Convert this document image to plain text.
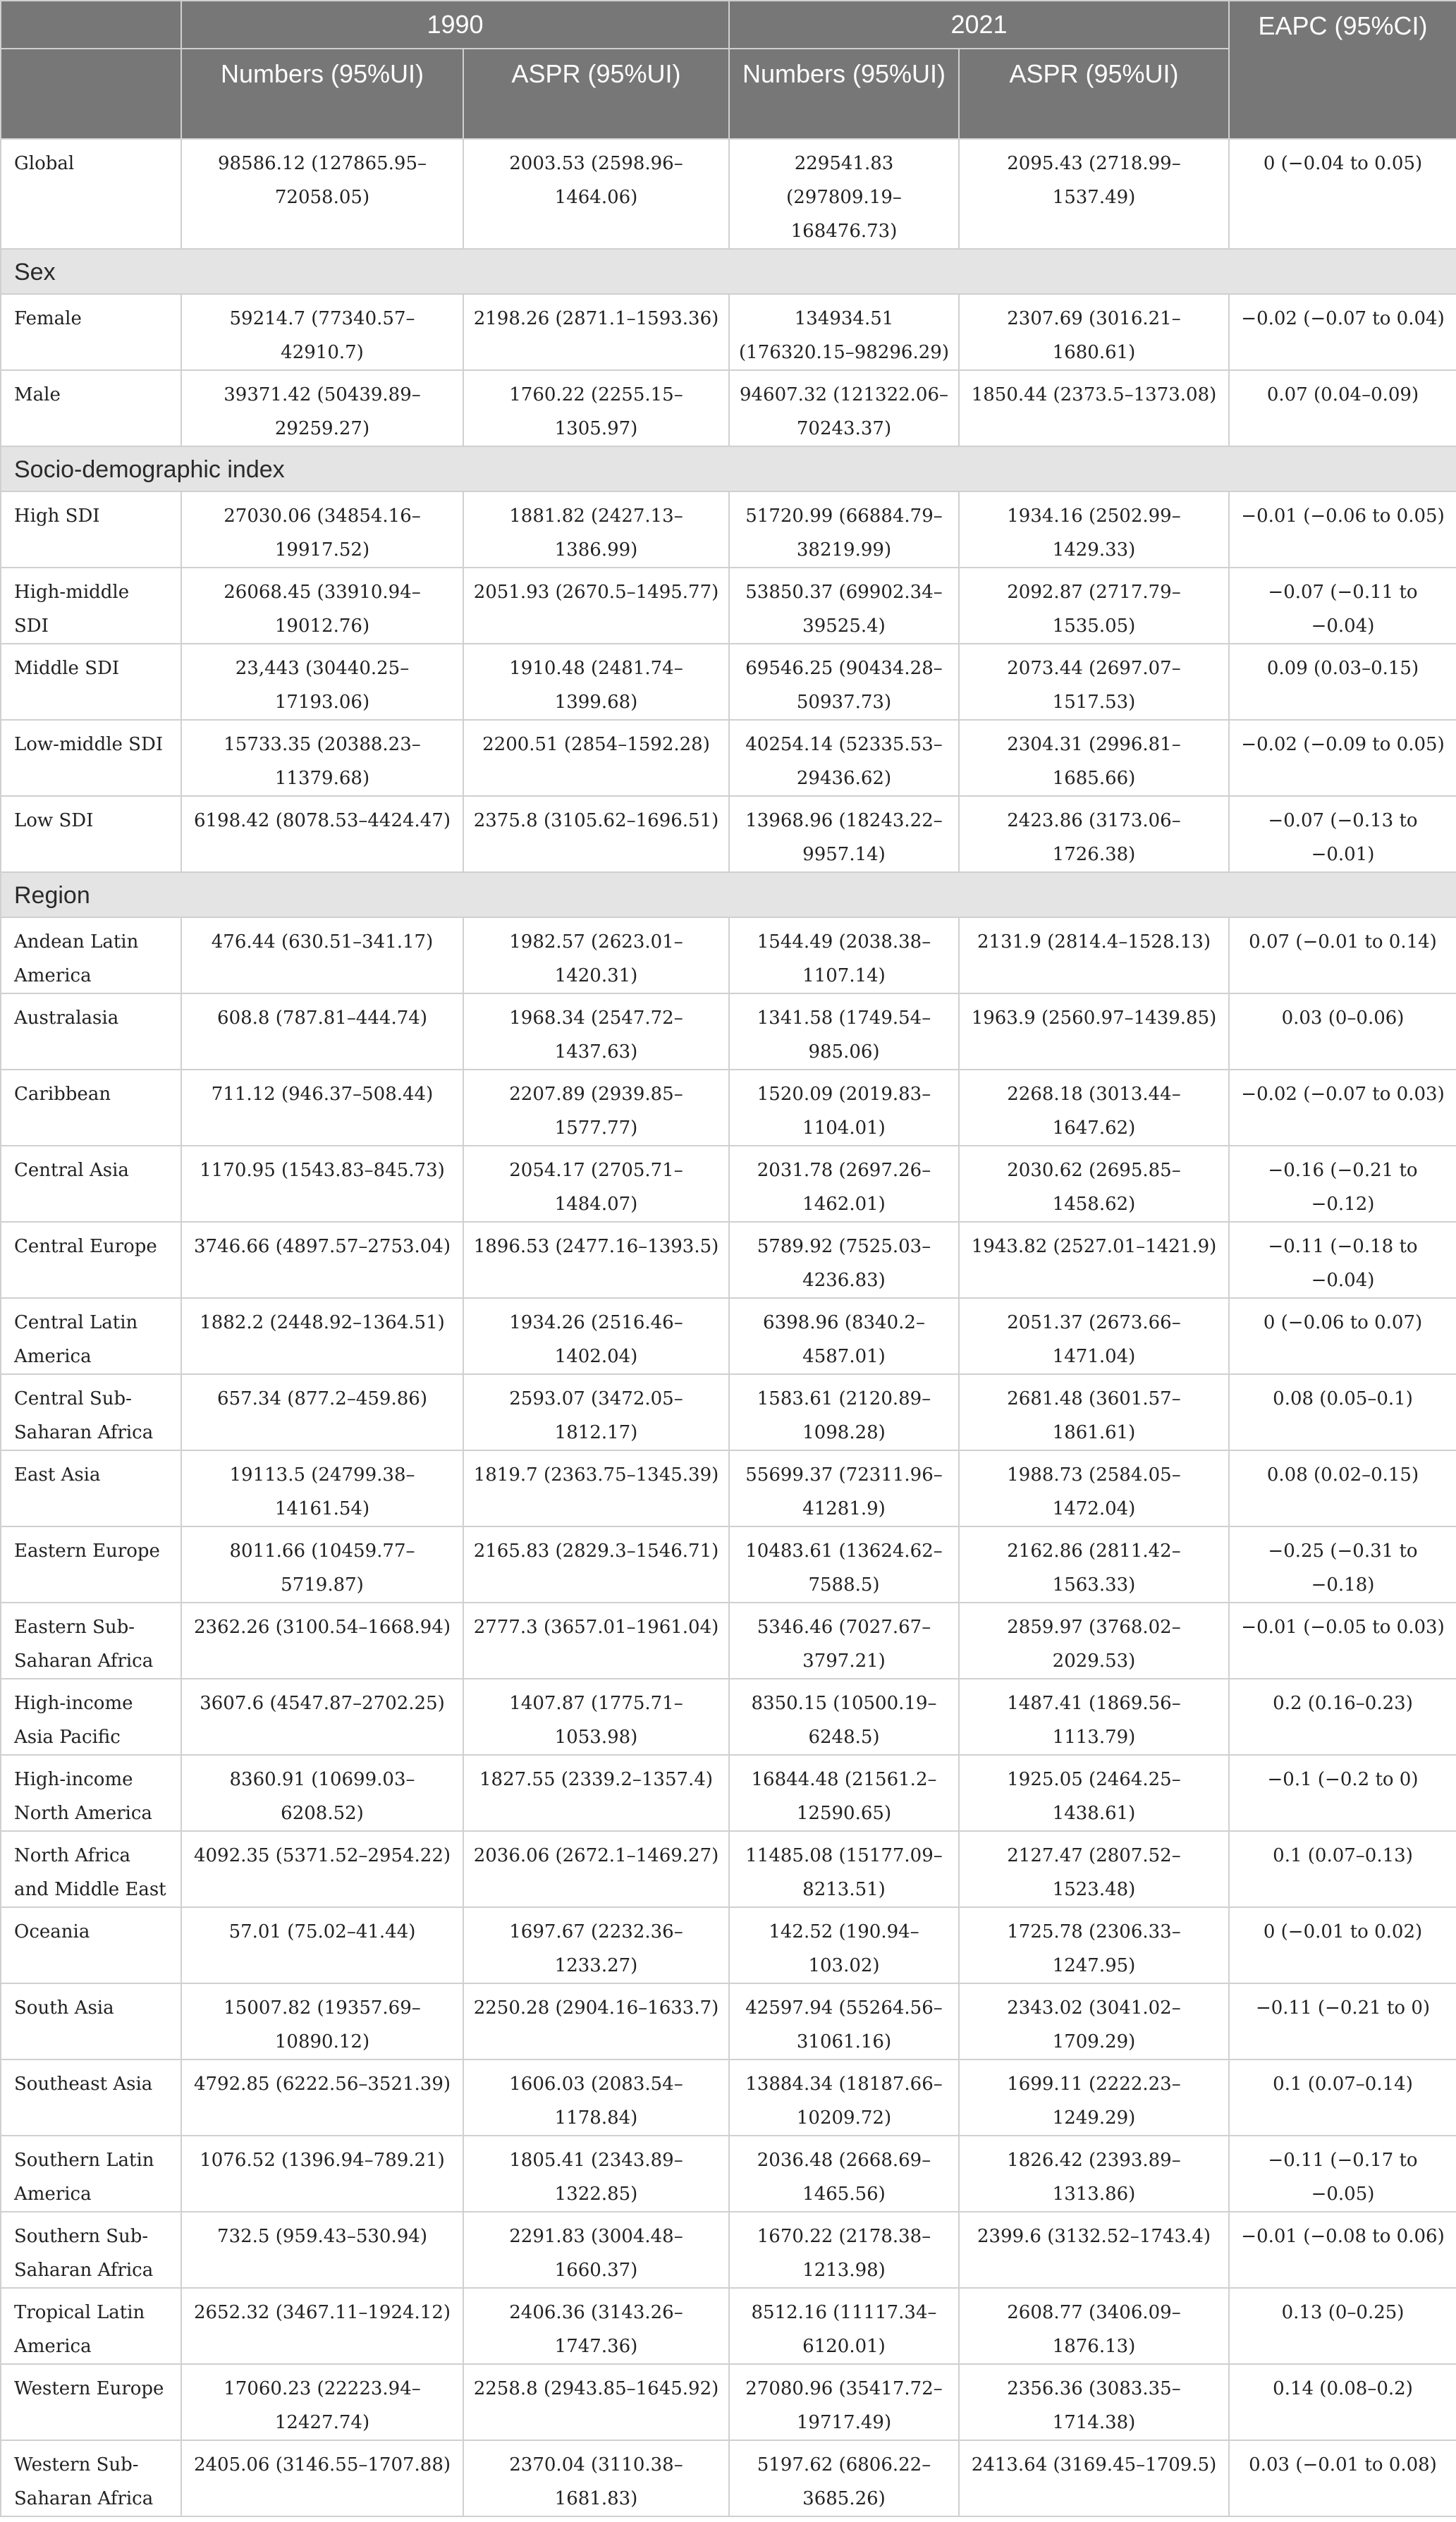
	1990		2021		EAPC (95%CI)
	Numbers (95%UI)	ASPR (95%UI)	Numbers (95%UI)	ASPR (95%UI)	
Global	98586.12 (127865.95–72058.05)	2003.53 (2598.96–1464.06)	229541.83 (297809.19–168476.73)	2095.43 (2718.99–1537.49)	0 (−0.04 to 0.05)
Sex					
Female	59214.7 (77340.57–42910.7)	2198.26 (2871.1–1593.36)	134934.51 (176320.15–98296.29)	2307.69 (3016.21–1680.61)	−0.02 (−0.07 to 0.04)
Male	39371.42 (50439.89–29259.27)	1760.22 (2255.15–1305.97)	94607.32 (121322.06–70243.37)	1850.44 (2373.5–1373.08)	0.07 (0.04–0.09)
Socio-demographic index					
High SDI	27030.06 (34854.16–19917.52)	1881.82 (2427.13–1386.99)	51720.99 (66884.79–38219.99)	1934.16 (2502.99–1429.33)	−0.01 (−0.06 to 0.05)
High-middle SDI	26068.45 (33910.94–19012.76)	2051.93 (2670.5–1495.77)	53850.37 (69902.34–39525.4)	2092.87 (2717.79–1535.05)	−0.07 (−0.11 to −0.04)
Middle SDI	23,443 (30440.25–17193.06)	1910.48 (2481.74–1399.68)	69546.25 (90434.28–50937.73)	2073.44 (2697.07–1517.53)	0.09 (0.03–0.15)
Low-middle SDI	15733.35 (20388.23–11379.68)	2200.51 (2854–1592.28)	40254.14 (52335.53–29436.62)	2304.31 (2996.81–1685.66)	−0.02 (−0.09 to 0.05)
Low SDI	6198.42 (8078.53–4424.47)	2375.8 (3105.62–1696.51)	13968.96 (18243.22–9957.14)	2423.86 (3173.06–1726.38)	−0.07 (−0.13 to −0.01)
Region					
Andean Latin America	476.44 (630.51–341.17)	1982.57 (2623.01–1420.31)	1544.49 (2038.38–1107.14)	2131.9 (2814.4–1528.13)	0.07 (−0.01 to 0.14)
Australasia	608.8 (787.81–444.74)	1968.34 (2547.72–1437.63)	1341.58 (1749.54–985.06)	1963.9 (2560.97–1439.85)	0.03 (0–0.06)
Caribbean	711.12 (946.37–508.44)	2207.89 (2939.85–1577.77)	1520.09 (2019.83–1104.01)	2268.18 (3013.44–1647.62)	−0.02 (−0.07 to 0.03)
Central Asia	1170.95 (1543.83–845.73)	2054.17 (2705.71–1484.07)	2031.78 (2697.26–1462.01)	2030.62 (2695.85–1458.62)	−0.16 (−0.21 to −0.12)
Central Europe	3746.66 (4897.57–2753.04)	1896.53 (2477.16–1393.5)	5789.92 (7525.03–4236.83)	1943.82 (2527.01–1421.9)	−0.11 (−0.18 to −0.04)
Central Latin America	1882.2 (2448.92–1364.51)	1934.26 (2516.46–1402.04)	6398.96 (8340.2–4587.01)	2051.37 (2673.66–1471.04)	0 (−0.06 to 0.07)
Central Sub-Saharan Africa	657.34 (877.2–459.86)	2593.07 (3472.05–1812.17)	1583.61 (2120.89–1098.28)	2681.48 (3601.57–1861.61)	0.08 (0.05–0.1)
East Asia	19113.5 (24799.38–14161.54)	1819.7 (2363.75–1345.39)	55699.37 (72311.96–41281.9)	1988.73 (2584.05–1472.04)	0.08 (0.02–0.15)
Eastern Europe	8011.66 (10459.77–5719.87)	2165.83 (2829.3–1546.71)	10483.61 (13624.62–7588.5)	2162.86 (2811.42–1563.33)	−0.25 (−0.31 to −0.18)
Eastern Sub-Saharan Africa	2362.26 (3100.54–1668.94)	2777.3 (3657.01–1961.04)	5346.46 (7027.67–3797.21)	2859.97 (3768.02–2029.53)	−0.01 (−0.05 to 0.03)
High-income Asia Pacific	3607.6 (4547.87–2702.25)	1407.87 (1775.71–1053.98)	8350.15 (10500.19–6248.5)	1487.41 (1869.56–1113.79)	0.2 (0.16–0.23)
High-income North America	8360.91 (10699.03–6208.52)	1827.55 (2339.2–1357.4)	16844.48 (21561.2–12590.65)	1925.05 (2464.25–1438.61)	−0.1 (−0.2 to 0)
North Africa and Middle East	4092.35 (5371.52–2954.22)	2036.06 (2672.1–1469.27)	11485.08 (15177.09–8213.51)	2127.47 (2807.52–1523.48)	0.1 (0.07–0.13)
Oceania	57.01 (75.02–41.44)	1697.67 (2232.36–1233.27)	142.52 (190.94–103.02)	1725.78 (2306.33–1247.95)	0 (−0.01 to 0.02)
South Asia	15007.82 (19357.69–10890.12)	2250.28 (2904.16–1633.7)	42597.94 (55264.56–31061.16)	2343.02 (3041.02–1709.29)	−0.11 (−0.21 to 0)
Southeast Asia	4792.85 (6222.56–3521.39)	1606.03 (2083.54–1178.84)	13884.34 (18187.66–10209.72)	1699.11 (2222.23–1249.29)	0.1 (0.07–0.14)
Southern Latin America	1076.52 (1396.94–789.21)	1805.41 (2343.89–1322.85)	2036.48 (2668.69–1465.56)	1826.42 (2393.89–1313.86)	−0.11 (−0.17 to −0.05)
Southern Sub-Saharan Africa	732.5 (959.43–530.94)	2291.83 (3004.48–1660.37)	1670.22 (2178.38–1213.98)	2399.6 (3132.52–1743.4)	−0.01 (−0.08 to 0.06)
Tropical Latin America	2652.32 (3467.11–1924.12)	2406.36 (3143.26–1747.36)	8512.16 (11117.34–6120.01)	2608.77 (3406.09–1876.13)	0.13 (0–0.25)
Western Europe	17060.23 (22223.94–12427.74)	2258.8 (2943.85–1645.92)	27080.96 (35417.72–19717.49)	2356.36 (3083.35–1714.38)	0.14 (0.08–0.2)
Western Sub-Saharan Africa	2405.06 (3146.55–1707.88)	2370.04 (3110.38–1681.83)	5197.62 (6806.22–3685.26)	2413.64 (3169.45–1709.5)	0.03 (−0.01 to 0.08)
